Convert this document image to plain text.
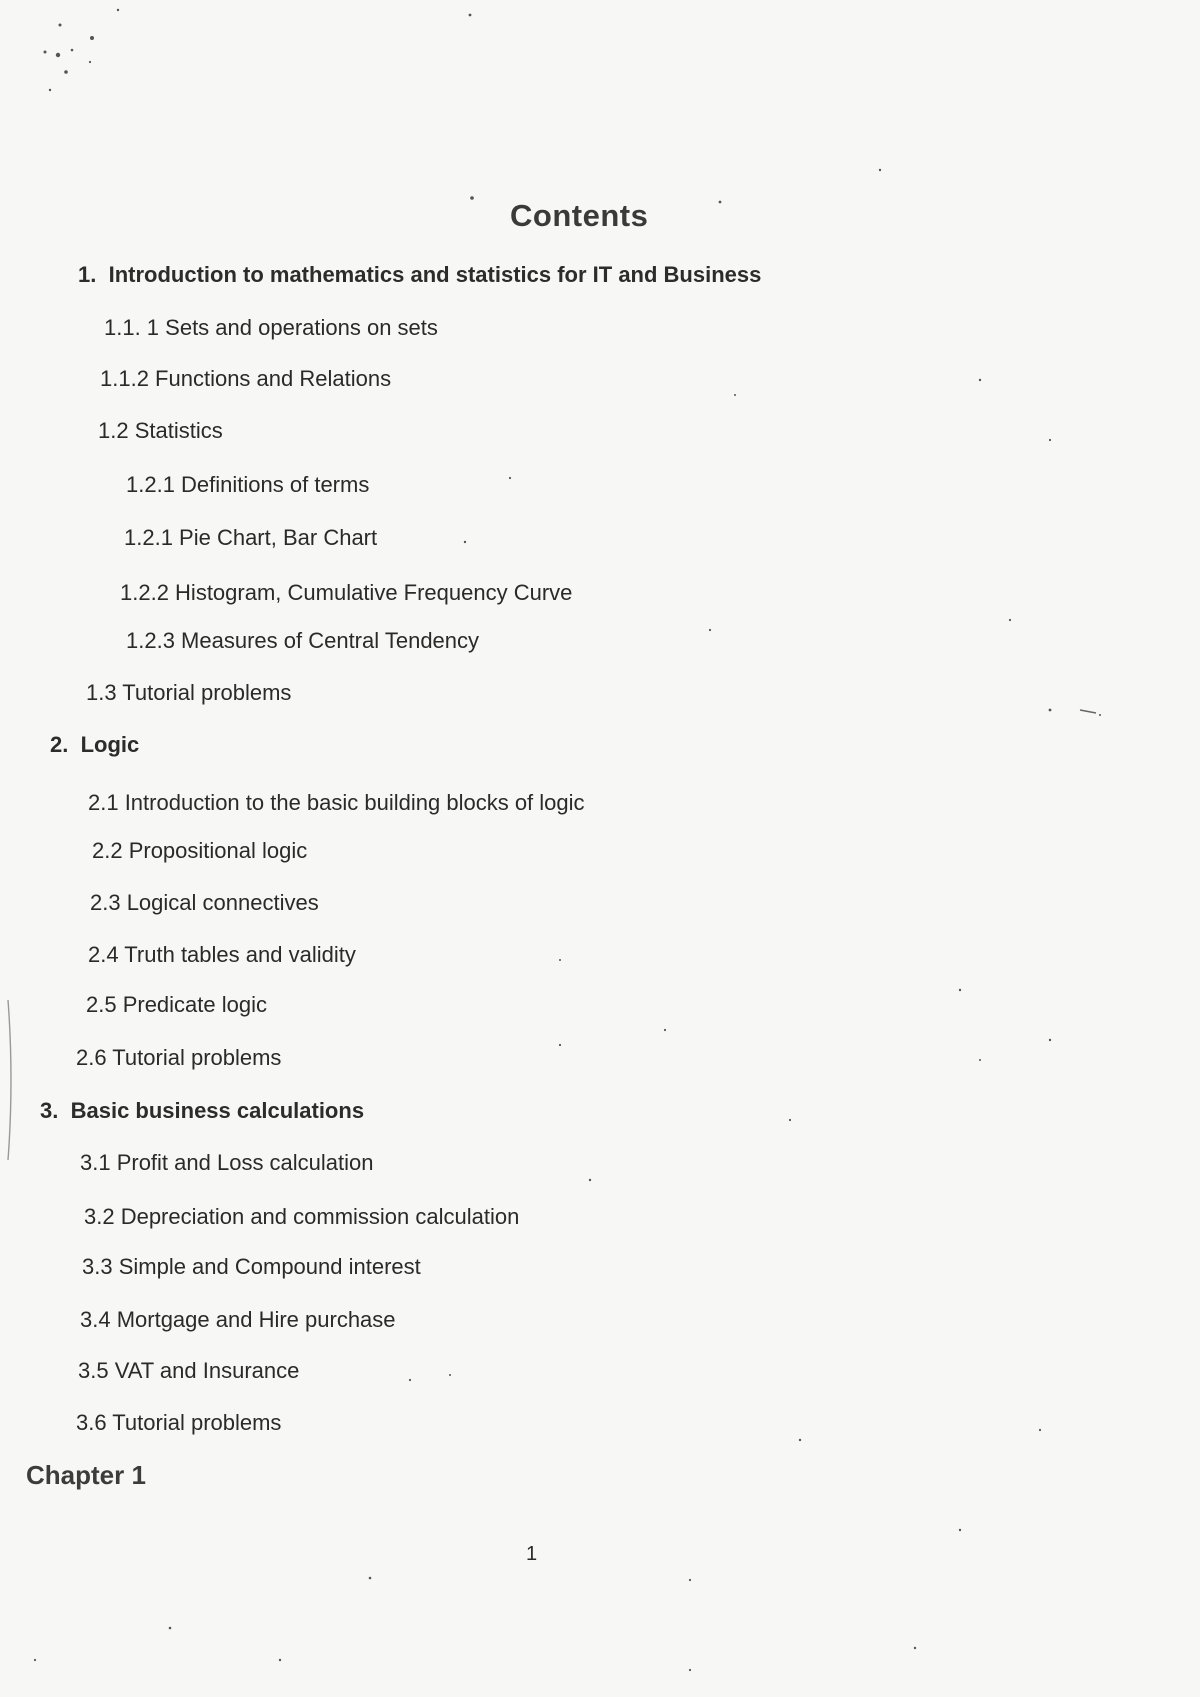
Contents
1. Introduction to mathematics and statistics for IT and Business
1.1. 1 Sets and operations on sets
1.1.2 Functions and Relations
1.2 Statistics
1.2.1 Definitions of terms
1.2.1 Pie Chart, Bar Chart
1.2.2 Histogram, Cumulative Frequency Curve
1.2.3 Measures of Central Tendency
1.3 Tutorial problems
2. Logic
2.1 Introduction to the basic building blocks of logic
2.2 Propositional logic
2.3 Logical connectives
2.4 Truth tables and validity
2.5 Predicate logic
2.6 Tutorial problems
3. Basic business calculations
3.1 Profit and Loss calculation
3.2 Depreciation and commission calculation
3.3 Simple and Compound interest
3.4 Mortgage and Hire purchase
3.5 VAT and Insurance
3.6 Tutorial problems
Chapter 1
1
